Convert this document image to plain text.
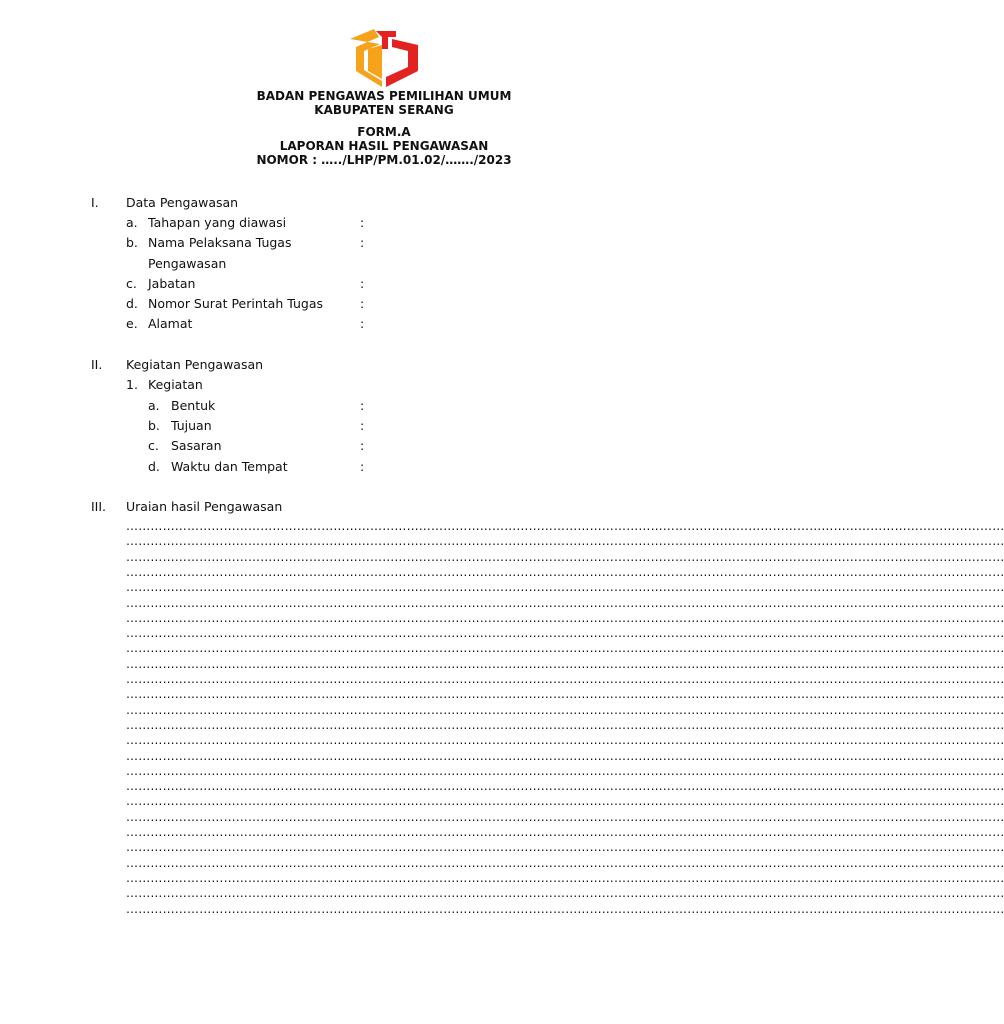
BADAN PENGAWAS PEMILIHAN UMUM
KABUPATEN SERANG
FORM.A
LAPORAN HASIL PENGAWASAN
NOMOR : …../LHP/PM.01.02/……./2023
I. Data Pengawasan
a. Tahapan yang diawasi	:
b. Nama Pelaksana Tugas
Pengawasan
:
c. Jabatan	:
d. Nomor Surat Perintah Tugas	:
e. Alamat	:
II. Kegiatan Pengawasan
1. Kegiatan
a. Bentuk	:
b. Tujuan	:
c. Sasaran	:
d. Waktu dan Tempat	:
III. Uraian hasil Pengawasan
………………………………………………………………………………………………………………………………………………………………………………………………
………………………………………………………………………………………………………………………………………………………………………………………………
………………………………………………………………………………………………………………………………………………………………………………………………
………………………………………………………………………………………………………………………………………………………………………………………………
………………………………………………………………………………………………………………………………………………………………………………………………
………………………………………………………………………………………………………………………………………………………………………………………………
………………………………………………………………………………………………………………………………………………………………………………………………
………………………………………………………………………………………………………………………………………………………………………………………………
………………………………………………………………………………………………………………………………………………………………………………………………
………………………………………………………………………………………………………………………………………………………………………………………………
………………………………………………………………………………………………………………………………………………………………………………………………
………………………………………………………………………………………………………………………………………………………………………………………………
………………………………………………………………………………………………………………………………………………………………………………………………
………………………………………………………………………………………………………………………………………………………………………………………………
………………………………………………………………………………………………………………………………………………………………………………………………
………………………………………………………………………………………………………………………………………………………………………………………………
………………………………………………………………………………………………………………………………………………………………………………………………
………………………………………………………………………………………………………………………………………………………………………………………………
………………………………………………………………………………………………………………………………………………………………………………………………
………………………………………………………………………………………………………………………………………………………………………………………………
………………………………………………………………………………………………………………………………………………………………………………………………
………………………………………………………………………………………………………………………………………………………………………………………………
………………………………………………………………………………………………………………………………………………………………………………………………
………………………………………………………………………………………………………………………………………………………………………………………………
………………………………………………………………………………………………………………………………………………………………………………………………
………………………………………………………………………………………………………………………………………………………………………………………………
